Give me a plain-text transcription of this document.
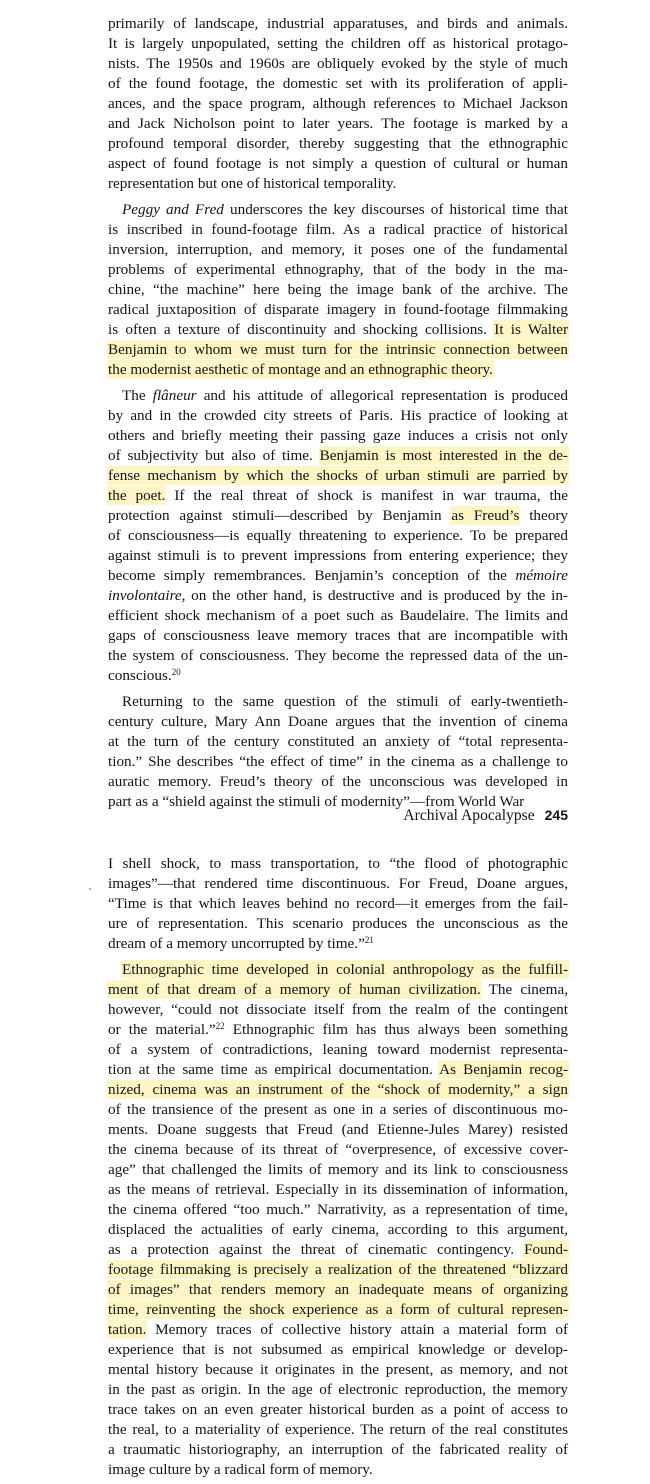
primarily of landscape, industrial apparatuses, and birds and animals.
It is largely unpopulated, setting the children off as historical protago-
nists. The 1950s and 1960s are obliquely evoked by the style of much
of the found footage, the domestic set with its proliferation of appli-
ances, and the space program, although references to Michael Jackson
and Jack Nicholson point to later years. The footage is marked by a
profound temporal disorder, thereby suggesting that the ethnographic
aspect of found footage is not simply a question of cultural or human
representation but one of historical temporality.
Peggy and Fred underscores the key discourses of historical time that
is inscribed in found-footage film. As a radical practice of historical
inversion, interruption, and memory, it poses one of the fundamental
problems of experimental ethnography, that of the body in the ma-
chine, “the machine” here being the image bank of the archive. The
radical juxtaposition of disparate imagery in found-footage filmmaking
is often a texture of discontinuity and shocking collisions. It is Walter
Benjamin to whom we must turn for the intrinsic connection between
the modernist aesthetic of montage and an ethnographic theory.
The flâneur and his attitude of allegorical representation is produced
by and in the crowded city streets of Paris. His practice of looking at
others and briefly meeting their passing gaze induces a crisis not only
of subjectivity but also of time. Benjamin is most interested in the de-
fense mechanism by which the shocks of urban stimuli are parried by
the poet. If the real threat of shock is manifest in war trauma, the
protection against stimuli—described by Benjamin as Freud’s theory
of consciousness—is equally threatening to experience. To be prepared
against stimuli is to prevent impressions from entering experience; they
become simply remembrances. Benjamin’s conception of the mémoire
involontaire, on the other hand, is destructive and is produced by the in-
efficient shock mechanism of a poet such as Baudelaire. The limits and
gaps of consciousness leave memory traces that are incompatible with
the system of consciousness. They become the repressed data of the un-
conscious.$^{20}$
Returning to the same question of the stimuli of early-twentieth-
century culture, Mary Ann Doane argues that the invention of cinema
at the turn of the century constituted an anxiety of “total representa-
tion.” She describes “the effect of time” in the cinema as a challenge to
auratic memory. Freud’s theory of the unconscious was developed in
part as a “shield against the stimuli of modernity”—from World War
Archival Apocalypse 245
I shell shock, to mass transportation, to “the flood of photographic
images”—that rendered time discontinuous. For Freud, Doane argues,
“Time is that which leaves behind no record—it emerges from the fail-
ure of representation. This scenario produces the unconscious as the
dream of a memory uncorrupted by time.”$^{21}$
Ethnographic time developed in colonial anthropology as the fulfill-
ment of that dream of a memory of human civilization. The cinema,
however, “could not dissociate itself from the realm of the contingent
or the material.”$^{22}$ Ethnographic film has thus always been something
of a system of contradictions, leaning toward modernist representa-
tion at the same time as empirical documentation. As Benjamin recog-
nized, cinema was an instrument of the “shock of modernity,” a sign
of the transience of the present as one in a series of discontinuous mo-
ments. Doane suggests that Freud (and Etienne-Jules Marey) resisted
the cinema because of its threat of “overpresence, of excessive cover-
age” that challenged the limits of memory and its link to consciousness
as the means of retrieval. Especially in its dissemination of information,
the cinema offered “too much.” Narrativity, as a representation of time,
displaced the actualities of early cinema, according to this argument,
as a protection against the threat of cinematic contingency. Found-
footage filmmaking is precisely a realization of the threatened “blizzard
of images” that renders memory an inadequate means of organizing
time, reinventing the shock experience as a form of cultural represen-
tation. Memory traces of collective history attain a material form of
experience that is not subsumed as empirical knowledge or develop-
mental history because it originates in the present, as memory, and not
in the past as origin. In the age of electronic reproduction, the memory
trace takes on an even greater historical burden as a point of access to
the real, to a materiality of experience. The return of the real constitutes
a traumatic historiography, an interruption of the fabricated reality of
image culture by a radical form of memory.
